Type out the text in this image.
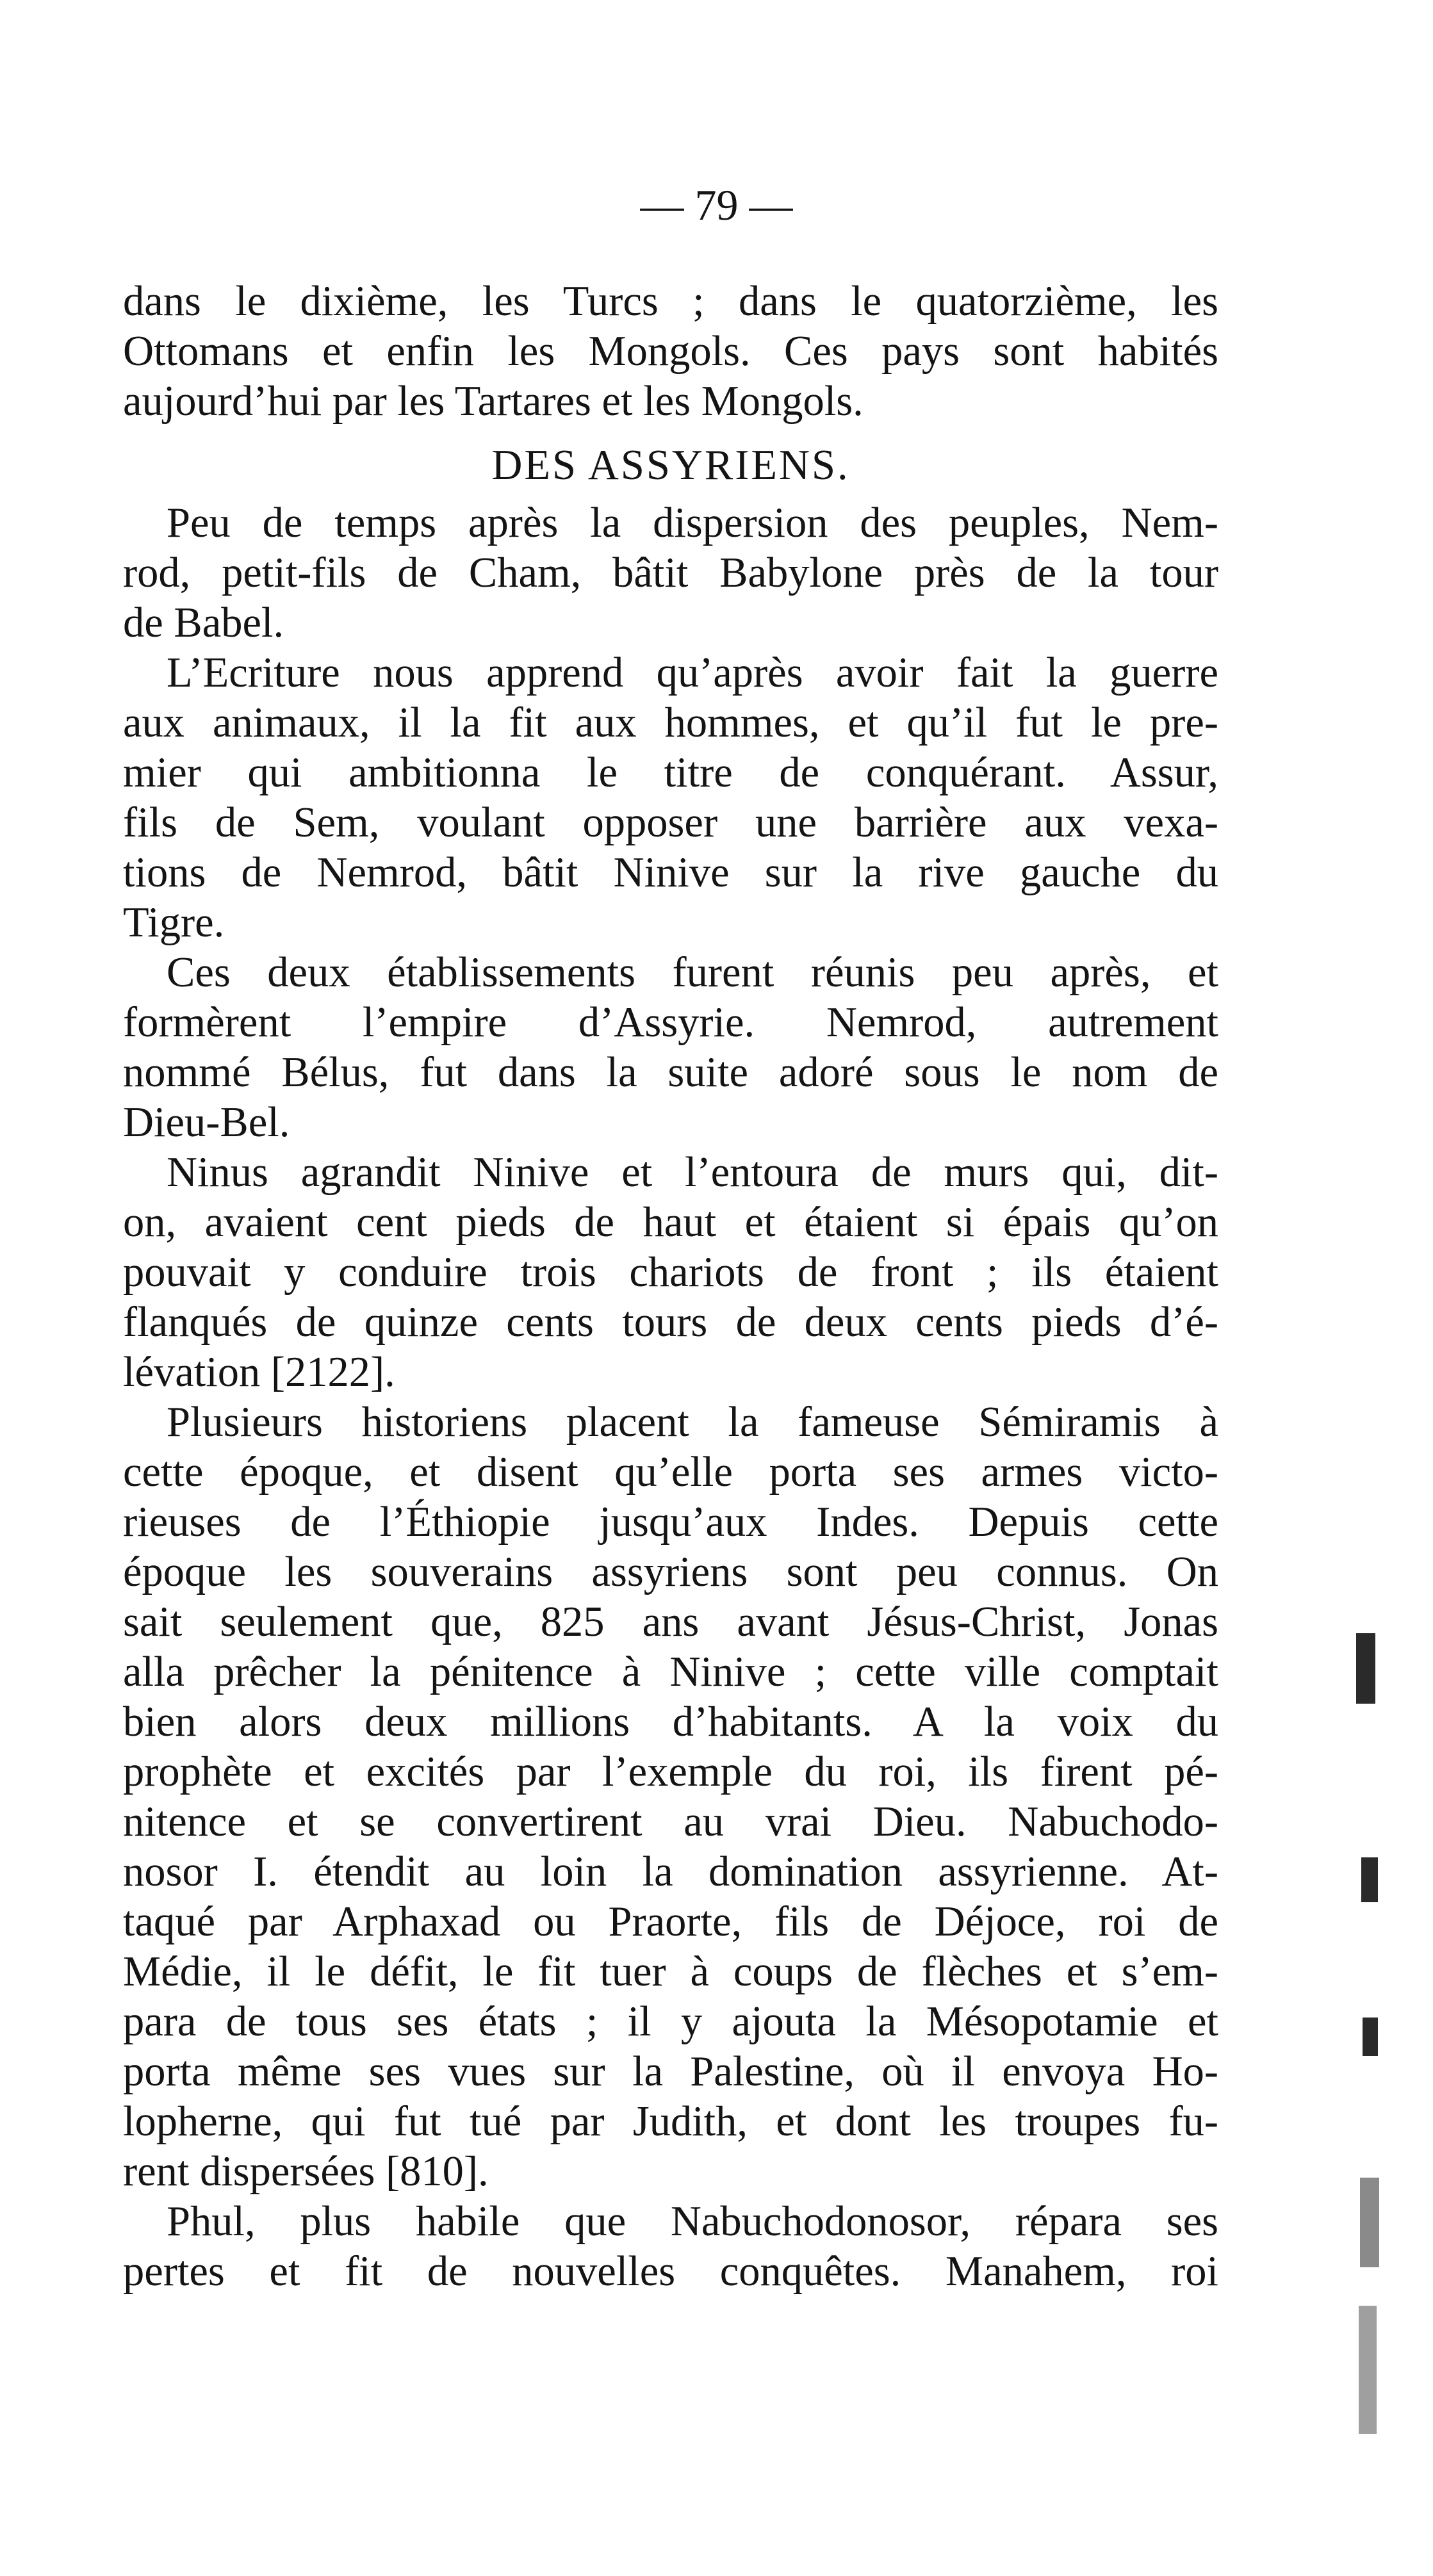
— 79 —
dans le dixième, les Turcs ; dans le quatorzième, les
Ottomans et enfin les Mongols. Ces pays sont habités
aujourd’hui par les Tartares et les Mongols.
DES ASSYRIENS.
Peu de temps après la dispersion des peuples, Nem-
rod, petit-fils de Cham, bâtit Babylone près de la tour
de Babel.
L’Ecriture nous apprend qu’après avoir fait la guerre
aux animaux, il la fit aux hommes, et qu’il fut le pre-
mier qui ambitionna le titre de conquérant. Assur,
fils de Sem, voulant opposer une barrière aux vexa-
tions de Nemrod, bâtit Ninive sur la rive gauche du
Tigre.
Ces deux établissements furent réunis peu après, et
formèrent l’empire d’Assyrie. Nemrod, autrement
nommé Bélus, fut dans la suite adoré sous le nom de
Dieu-Bel.
Ninus agrandit Ninive et l’entoura de murs qui, dit-
on, avaient cent pieds de haut et étaient si épais qu’on
pouvait y conduire trois chariots de front ; ils étaient
flanqués de quinze cents tours de deux cents pieds d’é-
lévation [2122].
Plusieurs historiens placent la fameuse Sémiramis à
cette époque, et disent qu’elle porta ses armes victo-
rieuses de l’Éthiopie jusqu’aux Indes. Depuis cette
époque les souverains assyriens sont peu connus. On
sait seulement que, 825 ans avant Jésus-Christ, Jonas
alla prêcher la pénitence à Ninive ; cette ville comptait
bien alors deux millions d’habitants. A la voix du
prophète et excités par l’exemple du roi, ils firent pé-
nitence et se convertirent au vrai Dieu. Nabuchodo-
nosor I. étendit au loin la domination assyrienne. At-
taqué par Arphaxad ou Praorte, fils de Déjoce, roi de
Médie, il le défit, le fit tuer à coups de flèches et s’em-
para de tous ses états ; il y ajouta la Mésopotamie et
porta même ses vues sur la Palestine, où il envoya Ho-
lopherne, qui fut tué par Judith, et dont les troupes fu-
rent dispersées [810].
Phul, plus habile que Nabuchodonosor, répara ses
pertes et fit de nouvelles conquêtes. Manahem, roi
